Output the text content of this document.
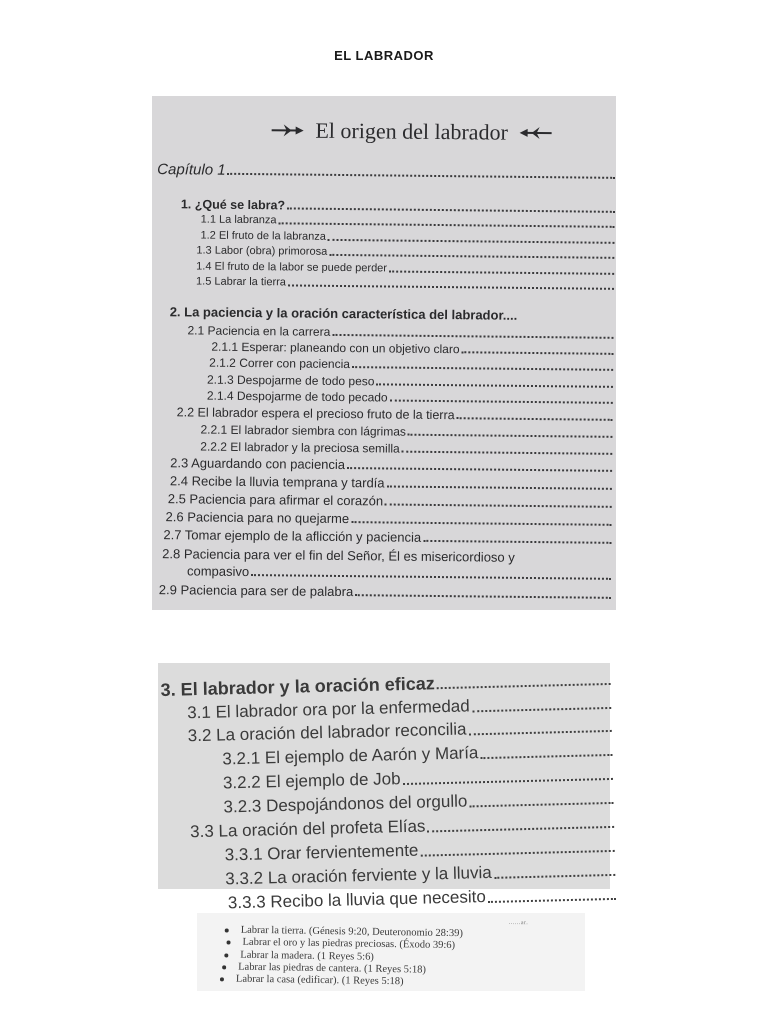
EL LABRADOR
El origen del labrador
Capítulo 1
1. ¿Qué se labra?
1.1 La labranza
1.2 El fruto de la labranza
1.3 Labor (obra) primorosa
1.4 El fruto de la labor se puede perder
1.5 Labrar la tierra
2. La paciencia y la oración característica del labrador....
2.1 Paciencia en la carrera
2.1.1 Esperar: planeando con un objetivo claro
2.1.2 Correr con paciencia
2.1.3 Despojarme de todo peso
2.1.4 Despojarme de todo pecado
2.2 El labrador espera el precioso fruto de la tierra
2.2.1 El labrador siembra con lágrimas
2.2.2 El labrador y la preciosa semilla
2.3 Aguardando con paciencia
2.4 Recibe la lluvia temprana y tardía
2.5 Paciencia para afirmar el corazón
2.6 Paciencia para no quejarme
2.7 Tomar ejemplo de la aflicción y paciencia
2.8 Paciencia para ver el fin del Señor, Él es misericordioso y
compasivo
2.9 Paciencia para ser de palabra
3. El labrador y la oración eficaz
3.1 El labrador ora por la enfermedad
3.2 La oración del labrador reconcilia
3.2.1 El ejemplo de Aarón y María
3.2.2 El ejemplo de Job
3.2.3 Despojándonos del orgullo
3.3 La oración del profeta Elías
3.3.1 Orar fervientemente
3.3.2 La oración ferviente y la lluvia
3.3.3 Recibo la lluvia que necesito
......ar.
Labrar la tierra. (Génesis 9:20, Deuteronomio 28:39)
Labrar el oro y las piedras preciosas. (Éxodo 39:6)
Labrar la madera. (1 Reyes 5:6)
Labrar las piedras de cantera. (1 Reyes 5:18)
Labrar la casa (edificar). (1 Reyes 5:18)
